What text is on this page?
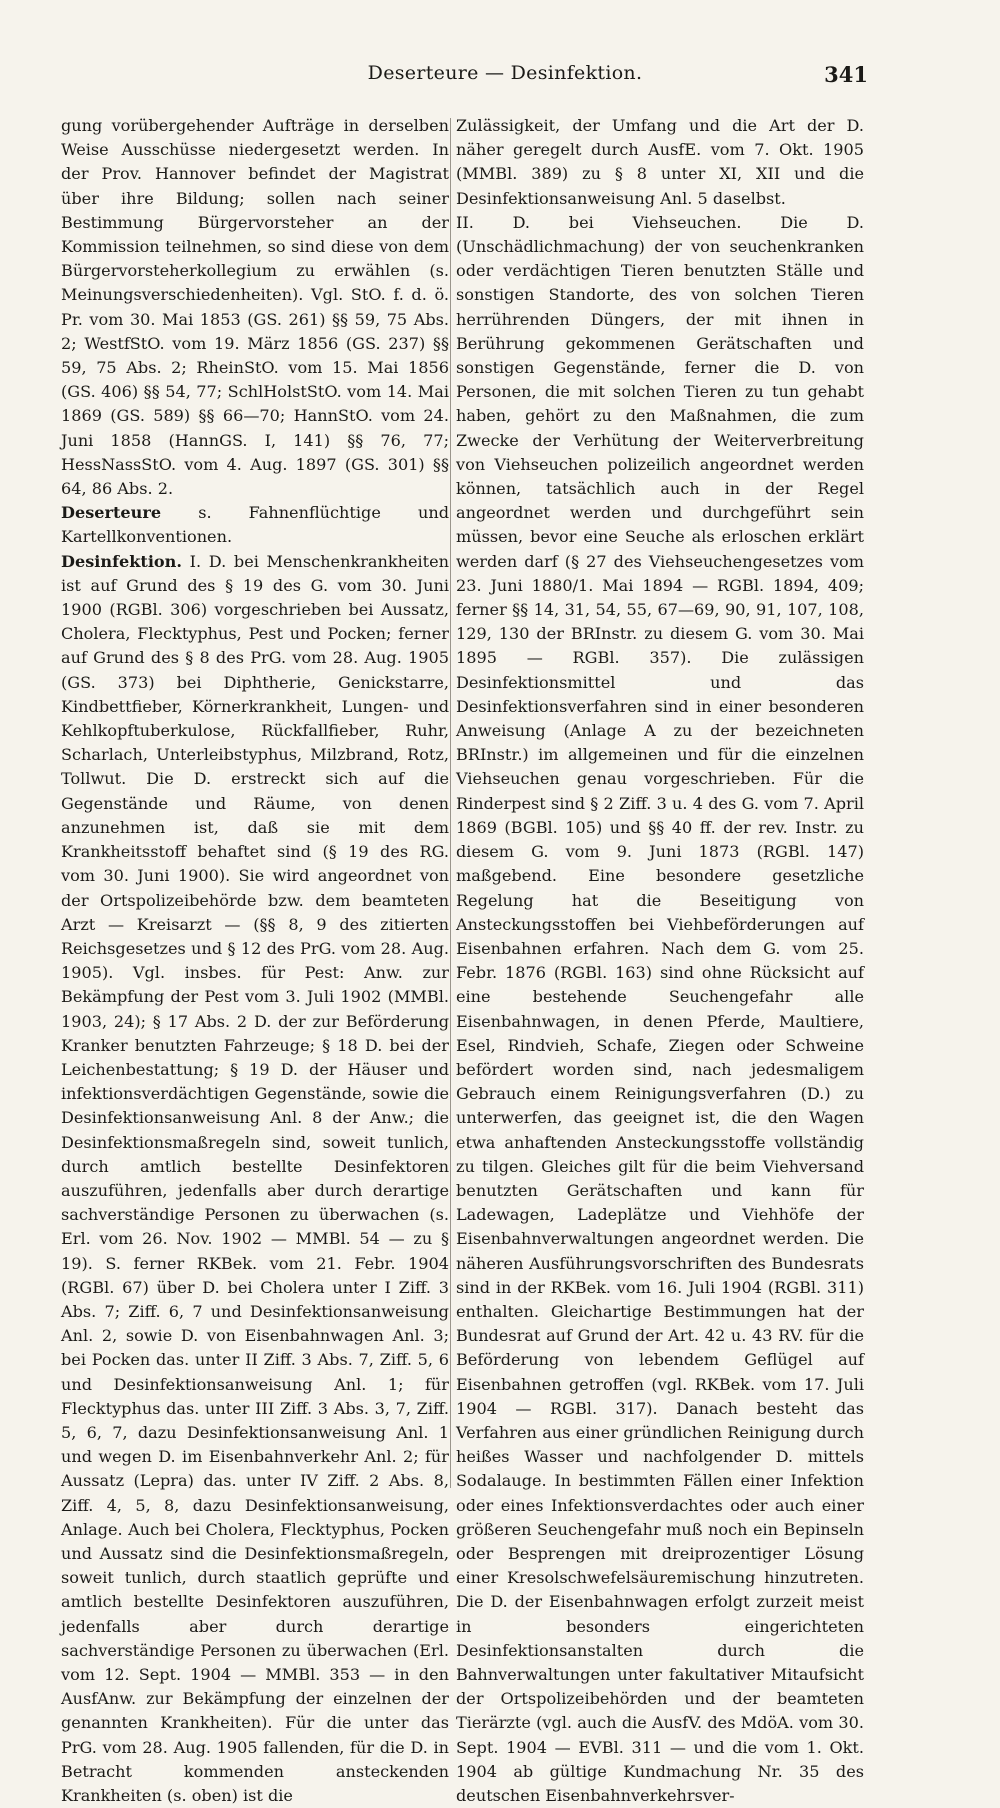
Deserteure — Desinfektion.	341

gung vorübergehender Aufträge in derselben Weise Ausschüsse niedergesetzt werden. In der Prov. Hannover befindet der Magistrat über ihre Bildung; sollen nach seiner Bestimmung Bürgervorsteher an der Kommission teilnehmen, so sind diese von dem Bürgervorsteherkollegium zu erwählen (s. Meinungsverschiedenheiten). Vgl. StO. f. d. ö. Pr. vom 30. Mai 1853 (GS. 261) §§ 59, 75 Abs. 2; WestfStO. vom 19. März 1856 (GS. 237) §§ 59, 75 Abs. 2; RheinStO. vom 15. Mai 1856 (GS. 406) §§ 54, 77; SchlHolstStO. vom 14. Mai 1869 (GS. 589) §§ 66—70; HannStO. vom 24. Juni 1858 (HannGS. I, 141) §§ 76, 77; HessNassStO. vom 4. Aug. 1897 (GS. 301) §§ 64, 86 Abs. 2.

Deserteure s. Fahnenflüchtige und Kartellkonventionen.

Desinfektion. I. D. bei Menschenkrankheiten ist auf Grund des § 19 des G. vom 30. Juni 1900 (RGBl. 306) vorgeschrieben bei Aussatz, Cholera, Flecktyphus, Pest und Pocken; ferner auf Grund des § 8 des PrG. vom 28. Aug. 1905 (GS. 373) bei Diphtherie, Genickstarre, Kindbettfieber, Körnerkrankheit, Lungen- und Kehlkopftuberkulose, Rückfallfieber, Ruhr, Scharlach, Unterleibstyphus, Milzbrand, Rotz, Tollwut. Die D. erstreckt sich auf die Gegenstände und Räume, von denen anzunehmen ist, daß sie mit dem Krankheitsstoff behaftet sind (§ 19 des RG. vom 30. Juni 1900). Sie wird angeordnet von der Ortspolizeibehörde bzw. dem beamteten Arzt — Kreisarzt — (§§ 8, 9 des zitierten Reichsgesetzes und § 12 des PrG. vom 28. Aug. 1905). Vgl. insbes. für Pest: Anw. zur Bekämpfung der Pest vom 3. Juli 1902 (MMBl. 1903, 24); § 17 Abs. 2 D. der zur Beförderung Kranker benutzten Fahrzeuge; § 18 D. bei der Leichenbestattung; § 19 D. der Häuser und infektionsverdächtigen Gegenstände, sowie die Desinfektionsanweisung Anl. 8 der Anw.; die Desinfektionsmaßregeln sind, soweit tunlich, durch amtlich bestellte Desinfektoren auszuführen, jedenfalls aber durch derartige sachverständige Personen zu überwachen (s. Erl. vom 26. Nov. 1902 — MMBl. 54 — zu § 19). S. ferner RKBek. vom 21. Febr. 1904 (RGBl. 67) über D. bei Cholera unter I Ziff. 3 Abs. 7; Ziff. 6, 7 und Desinfektionsanweisung Anl. 2, sowie D. von Eisenbahnwagen Anl. 3; bei Pocken das. unter II Ziff. 3 Abs. 7, Ziff. 5, 6 und Desinfektionsanweisung Anl. 1; für Flecktyphus das. unter III Ziff. 3 Abs. 3, 7, Ziff. 5, 6, 7, dazu Desinfektionsanweisung Anl. 1 und wegen D. im Eisenbahnverkehr Anl. 2; für Aussatz (Lepra) das. unter IV Ziff. 2 Abs. 8, Ziff. 4, 5, 8, dazu Desinfektionsanweisung, Anlage. Auch bei Cholera, Flecktyphus, Pocken und Aussatz sind die Desinfektionsmaßregeln, soweit tunlich, durch staatlich geprüfte und amtlich bestellte Desinfektoren auszuführen, jedenfalls aber durch derartige sachverständige Personen zu überwachen (Erl. vom 12. Sept. 1904 — MMBl. 353 — in den AusfAnw. zur Bekämpfung der einzelnen der genannten Krankheiten). Für die unter das PrG. vom 28. Aug. 1905 fallenden, für die D. in Betracht kommenden ansteckenden Krankheiten (s. oben) ist die

Zulässigkeit, der Umfang und die Art der D. näher geregelt durch AusfE. vom 7. Okt. 1905 (MMBl. 389) zu § 8 unter XI, XII und die Desinfektionsanweisung Anl. 5 daselbst.

II. D. bei Viehseuchen. Die D. (Unschädlichmachung) der von seuchenkranken oder verdächtigen Tieren benutzten Ställe und sonstigen Standorte, des von solchen Tieren herrührenden Düngers, der mit ihnen in Berührung gekommenen Gerätschaften und sonstigen Gegenstände, ferner die D. von Personen, die mit solchen Tieren zu tun gehabt haben, gehört zu den Maßnahmen, die zum Zwecke der Verhütung der Weiterverbreitung von Viehseuchen polizeilich angeordnet werden können, tatsächlich auch in der Regel angeordnet werden und durchgeführt sein müssen, bevor eine Seuche als erloschen erklärt werden darf (§ 27 des Viehseuchengesetzes vom 23. Juni 1880/1. Mai 1894 — RGBl. 1894, 409; ferner §§ 14, 31, 54, 55, 67—69, 90, 91, 107, 108, 129, 130 der BRInstr. zu diesem G. vom 30. Mai 1895 — RGBl. 357). Die zulässigen Desinfektionsmittel und das Desinfektionsverfahren sind in einer besonderen Anweisung (Anlage A zu der bezeichneten BRInstr.) im allgemeinen und für die einzelnen Viehseuchen genau vorgeschrieben. Für die Rinderpest sind § 2 Ziff. 3 u. 4 des G. vom 7. April 1869 (BGBl. 105) und §§ 40 ff. der rev. Instr. zu diesem G. vom 9. Juni 1873 (RGBl. 147) maßgebend. Eine besondere gesetzliche Regelung hat die Beseitigung von Ansteckungsstoffen bei Viehbeförderungen auf Eisenbahnen erfahren. Nach dem G. vom 25. Febr. 1876 (RGBl. 163) sind ohne Rücksicht auf eine bestehende Seuchengefahr alle Eisenbahnwagen, in denen Pferde, Maultiere, Esel, Rindvieh, Schafe, Ziegen oder Schweine befördert worden sind, nach jedesmaligem Gebrauch einem Reinigungsverfahren (D.) zu unterwerfen, das geeignet ist, die den Wagen etwa anhaftenden Ansteckungsstoffe vollständig zu tilgen. Gleiches gilt für die beim Viehversand benutzten Gerätschaften und kann für Ladewagen, Ladeplätze und Viehhöfe der Eisenbahnverwaltungen angeordnet werden. Die näheren Ausführungsvorschriften des Bundesrats sind in der RKBek. vom 16. Juli 1904 (RGBl. 311) enthalten. Gleichartige Bestimmungen hat der Bundesrat auf Grund der Art. 42 u. 43 RV. für die Beförderung von lebendem Geflügel auf Eisenbahnen getroffen (vgl. RKBek. vom 17. Juli 1904 — RGBl. 317). Danach besteht das Verfahren aus einer gründlichen Reinigung durch heißes Wasser und nachfolgender D. mittels Sodalauge. In bestimmten Fällen einer Infektion oder eines Infektionsverdachtes oder auch einer größeren Seuchengefahr muß noch ein Bepinseln oder Besprengen mit dreiprozentiger Lösung einer Kresolschwefelsäuremischung hinzutreten. Die D. der Eisenbahnwagen erfolgt zurzeit meist in besonders eingerichteten Desinfektionsanstalten durch die Bahnverwaltungen unter fakultativer Mitaufsicht der Ortspolizeibehörden und der beamteten Tierärzte (vgl. auch die AusfV. des MdöA. vom 30. Sept. 1904 — EVBl. 311 — und die vom 1. Okt. 1904 ab gültige Kundmachung Nr. 35 des deutschen Eisenbahnverkehrsver-
